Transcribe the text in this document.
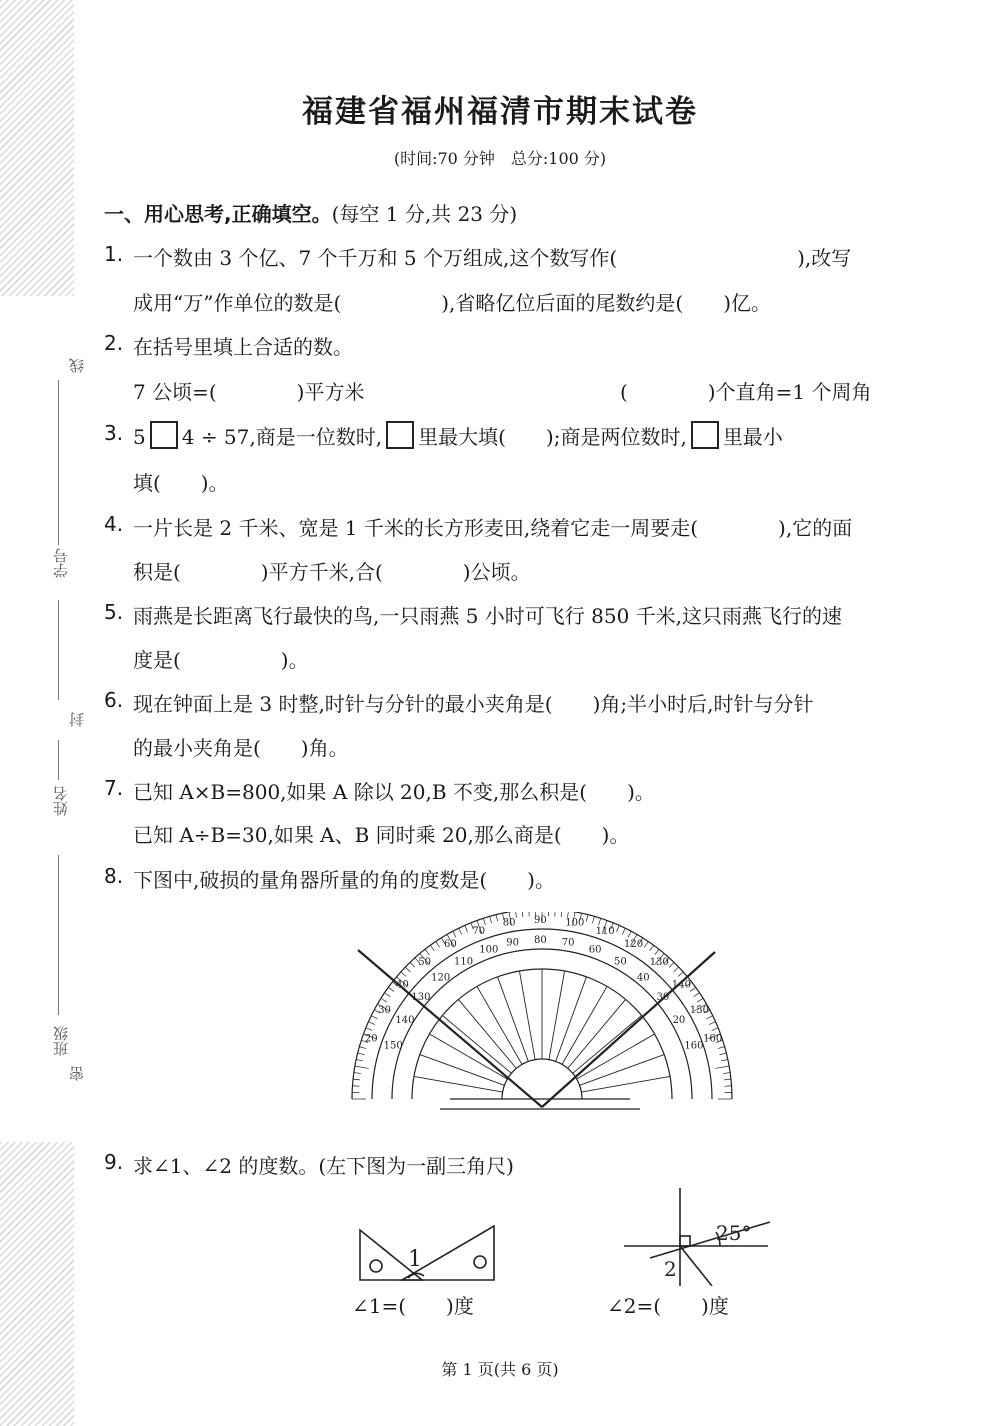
线
学号
封
姓名
班级
密
福建省福州福清市期末试卷
(时间:70 分钟　总分:100 分)
一、用心思考,正确填空。(每空 1 分,共 23 分)
1. 一个数由 3 个亿、7 个千万和 5 个万组成,这个数写作(　　　　　　　　　),改写
成用“万”作单位的数是(　　　　　),省略亿位后面的尾数约是(　　)亿。
2. 在括号里填上合适的数。
7 公顷=(　　　　)平方米	(　　　　)个直角=1 个周角
3. 5 4 ÷ 57,商是一位数时, 里最大填(　　);商是两位数时, 里最小
填(　　)。
4. 一片长是 2 千米、宽是 1 千米的长方形麦田,绕着它走一周要走(　　　　),它的面
积是(　　　　)平方千米,合(　　　　)公顷。
5. 雨燕是长距离飞行最快的鸟,一只雨燕 5 小时可飞行 850 千米,这只雨燕飞行的速
度是(　　　　　)。
6. 现在钟面上是 3 时整,时针与分针的最小夹角是(　　)角;半小时后,时针与分针
的最小夹角是(　　)角。
7. 已知 A×B=800,如果 A 除以 20,B 不变,那么积是(　　)。
已知 A÷B=30,如果 A、B 同时乘 20,那么商是(　　)。
8. 下图中,破损的量角器所量的角的度数是(　　)。
70
100
80
90
90
80
100
70
110
60
120
50 130
40
140
30
150
20
160
160
20
150
30
140
40
130
50
120
60
110
9. 求∠1、∠2 的度数。(左下图为一副三角尺)
1
∠1=(　　)度
25°
2
∠2=(　　)度
第 1 页(共 6 页)
